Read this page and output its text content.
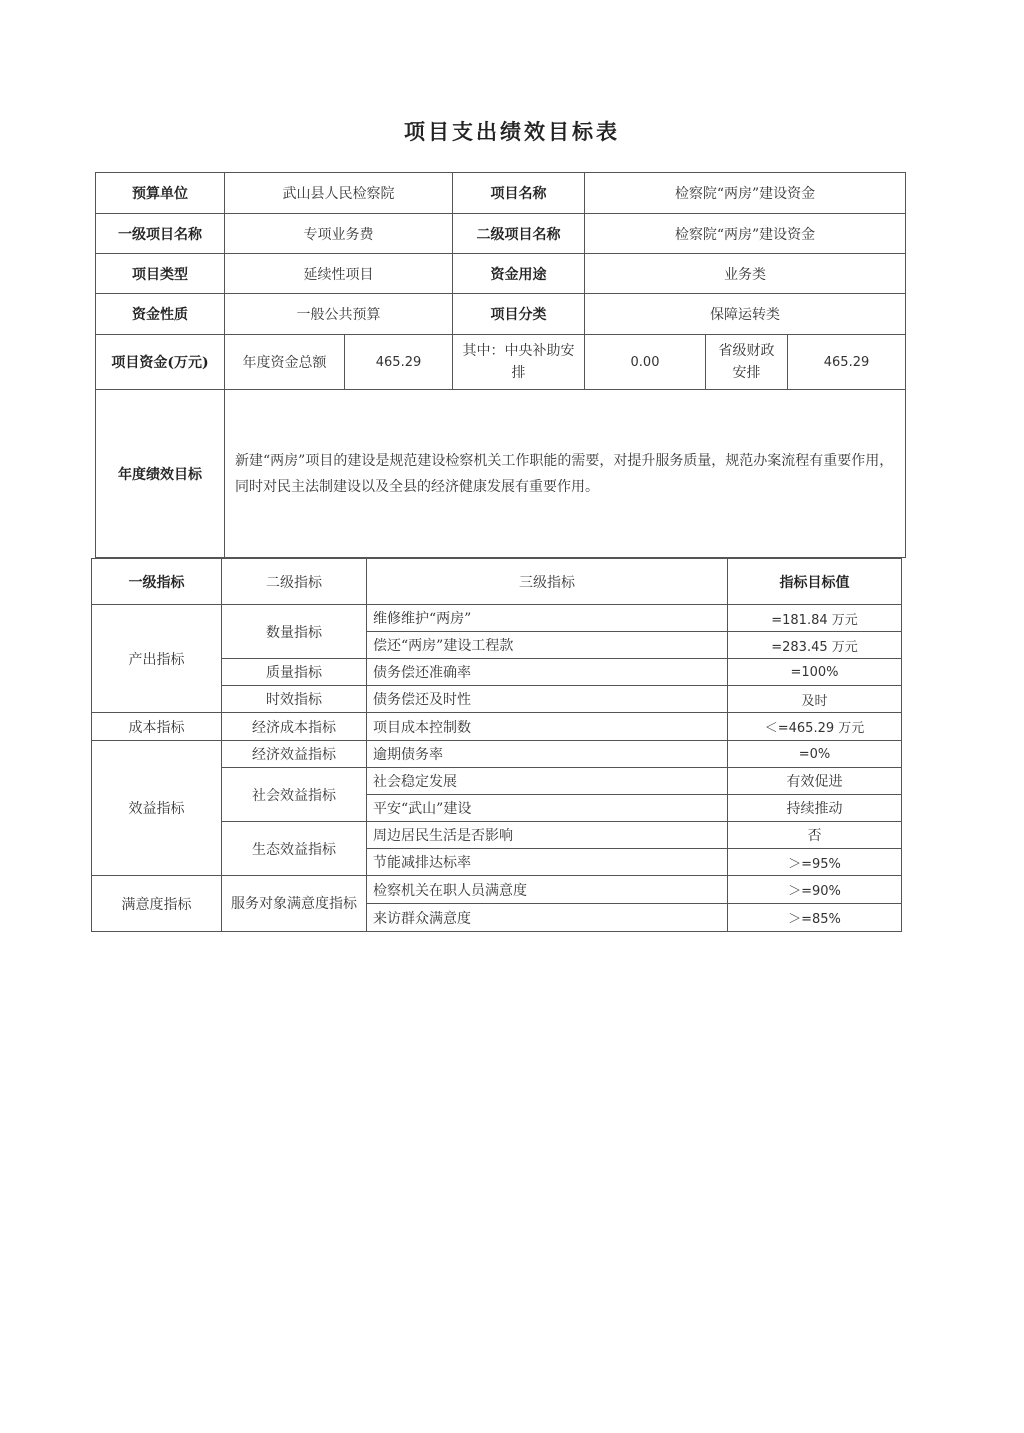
项目支出绩效目标表
预算单位	武山县人民检察院		项目名称	检察院“两房”建设资金		
一级项目名称	专项业务费		二级项目名称	检察院“两房”建设资金		
项目类型	延续性项目		资金用途	业务类		
资金性质	一般公共预算		项目分类	保障运转类		
项目资金(万元)	年度资金总额	465.29	其中：中央补助安排	0.00	省级财政安排	465.29
年度绩效目标	新建“两房”项目的建设是规范建设检察机关工作职能的需要，对提升服务质量，规范办案流程有重要作用，同时对民主法制建设以及全县的经济健康发展有重要作用。					
一级指标	二级指标	三级指标	指标目标值
产出指标	数量指标	维修维护“两房”	=181.84 万元
		偿还“两房”建设工程款	=283.45 万元
	质量指标	债务偿还准确率	=100%
	时效指标	债务偿还及时性	及时
成本指标	经济成本指标	项目成本控制数	＜=465.29 万元
效益指标	经济效益指标	逾期债务率	=0%
	社会效益指标	社会稳定发展	有效促进
		平安“武山”建设	持续推动
	生态效益指标	周边居民生活是否影响	否
		节能减排达标率	＞=95%
满意度指标	服务对象满意度指标	检察机关在职人员满意度	＞=90%
		来访群众满意度	＞=85%
